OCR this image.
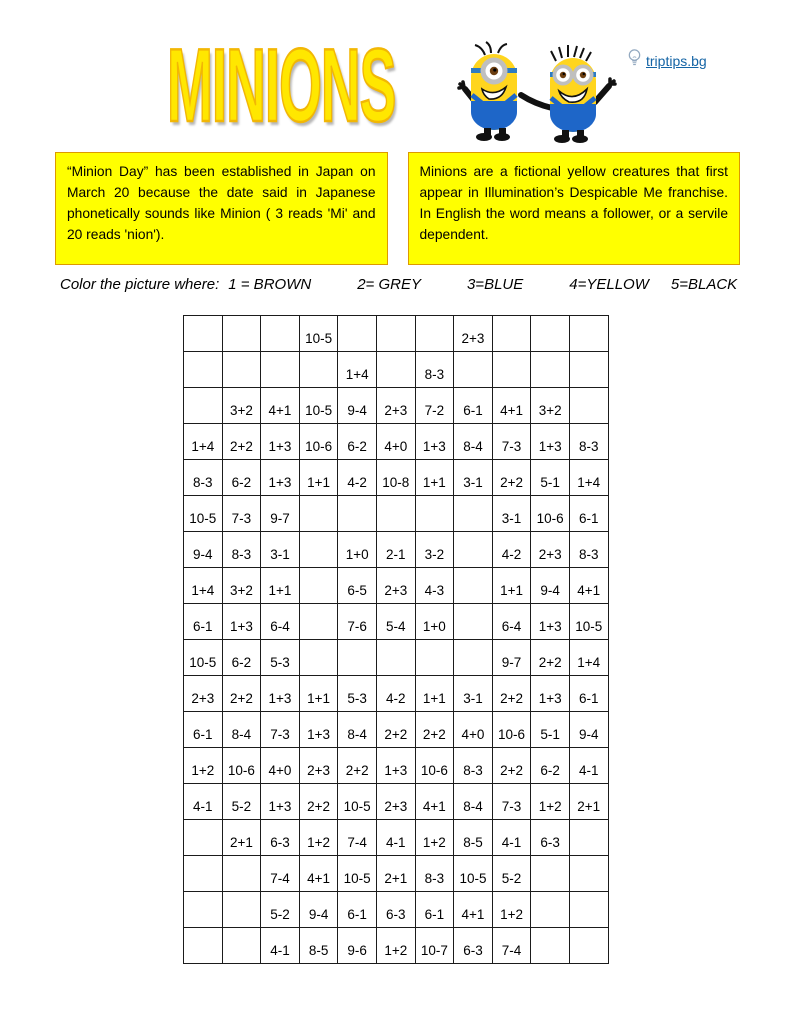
MINIONS	triptips.bg
“Minion Day” has been established in Japan on March 20 because the date said in Japanese phonetically sounds like Minion ( 3 reads 'Mi' and 20 reads 'nion').
Minions are a fictional yellow creatures that first appear in Illumination’s Despicable Me franchise. In English the word means a follower, or a servile dependent.
Color the picture where: 1 = BROWN	2= GREY	3=BLUE	4=YELLOW 5=BLACK
			10-5				2+3			
				1+4		8-3				
	3+2	4+1	10-5	9-4	2+3	7-2	6-1	4+1	3+2	
1+4	2+2	1+3	10-6	6-2	4+0	1+3	8-4	7-3	1+3	8-3
8-3	6-2	1+3	1+1	4-2	10-8	1+1	3-1	2+2	5-1	1+4
10-5	7-3	9-7						3-1	10-6	6-1
9-4	8-3	3-1		1+0	2-1	3-2		4-2	2+3	8-3
1+4	3+2	1+1		6-5	2+3	4-3		1+1	9-4	4+1
6-1	1+3	6-4		7-6	5-4	1+0		6-4	1+3	10-5
10-5	6-2	5-3						9-7	2+2	1+4
2+3	2+2	1+3	1+1	5-3	4-2	1+1	3-1	2+2	1+3	6-1
6-1	8-4	7-3	1+3	8-4	2+2	2+2	4+0	10-6	5-1	9-4
1+2	10-6	4+0	2+3	2+2	1+3	10-6	8-3	2+2	6-2	4-1
4-1	5-2	1+3	2+2	10-5	2+3	4+1	8-4	7-3	1+2	2+1
	2+1	6-3	1+2	7-4	4-1	1+2	8-5	4-1	6-3	
		7-4	4+1	10-5	2+1	8-3	10-5	5-2		
		5-2	9-4	6-1	6-3	6-1	4+1	1+2		
		4-1	8-5	9-6	1+2	10-7	6-3	7-4		
